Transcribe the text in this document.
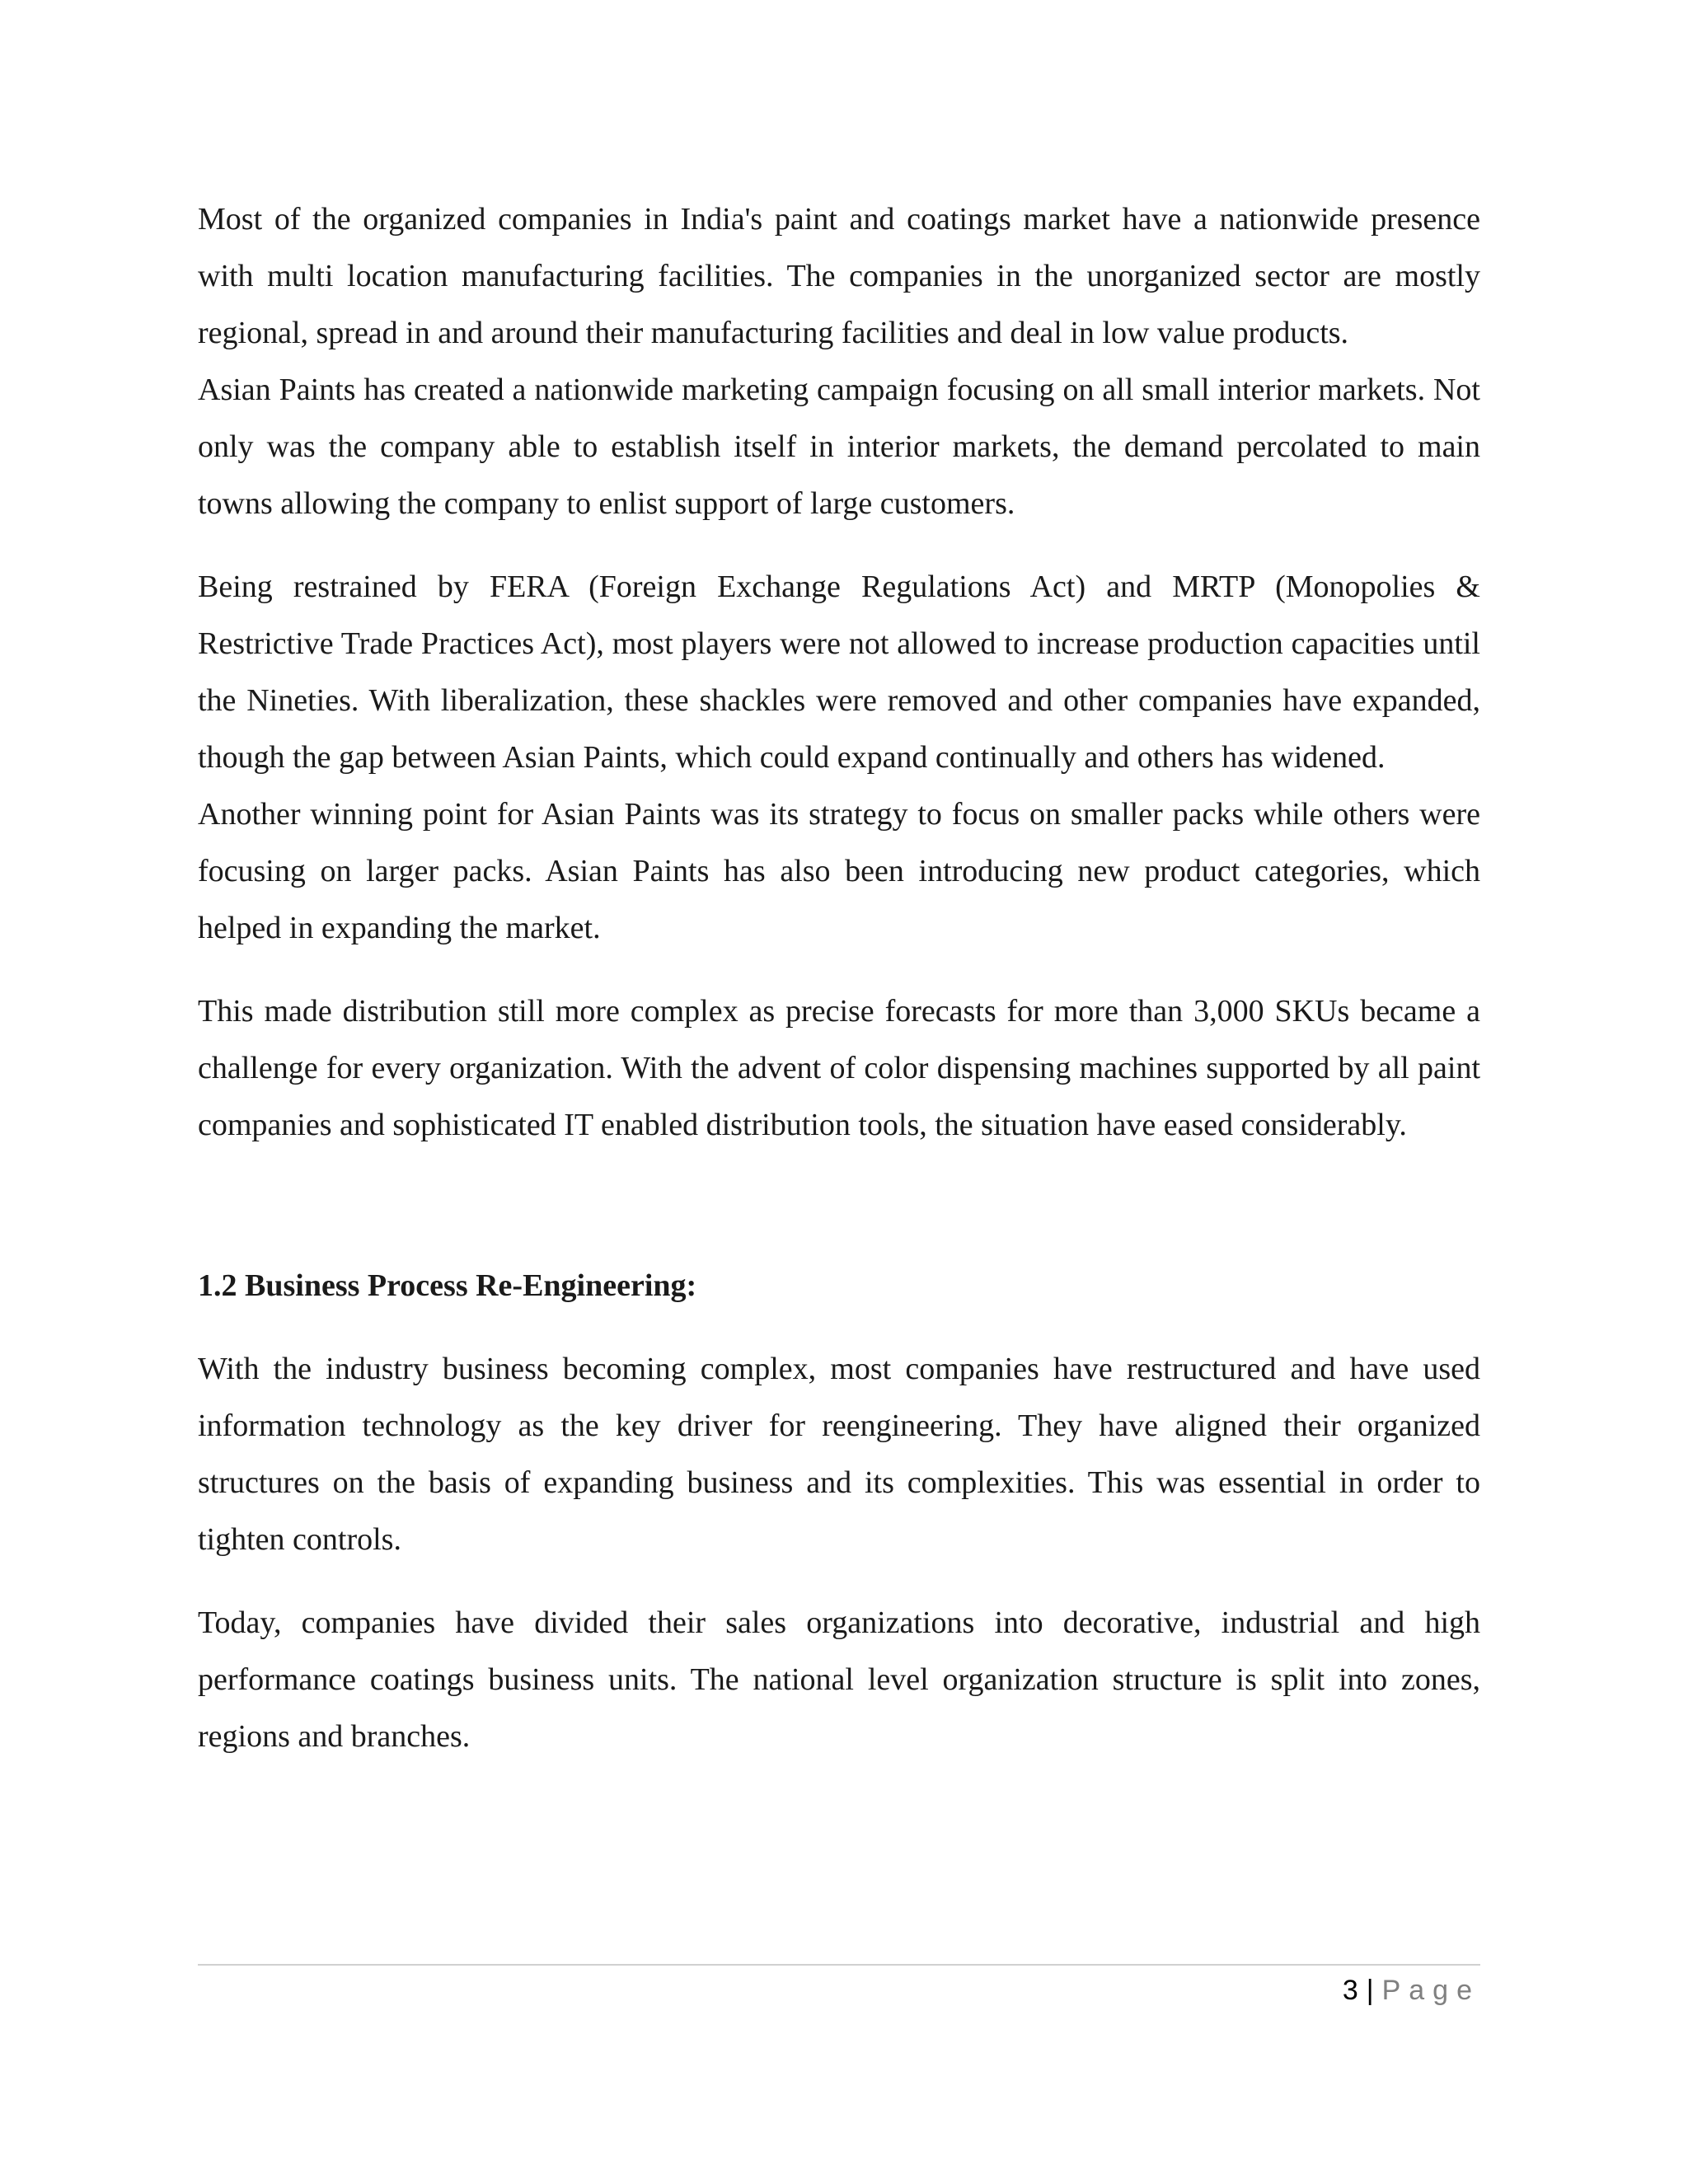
Most of the organized companies in India's paint and coatings market have a nationwide presence with multi location manufacturing facilities. The companies in the unorganized sector are mostly regional, spread in and around their manufacturing facilities and deal in low value products.

Asian Paints has created a nationwide marketing campaign focusing on all small interior markets. Not only was the company able to establish itself in interior markets, the demand percolated to main towns allowing the company to enlist support of large customers.

Being restrained by FERA (Foreign Exchange Regulations Act) and MRTP (Monopolies & Restrictive Trade Practices Act), most players were not allowed to increase production capacities until the Nineties. With liberalization, these shackles were removed and other companies have expanded, though the gap between Asian Paints, which could expand continually and others has widened.

Another winning point for Asian Paints was its strategy to focus on smaller packs while others were focusing on larger packs. Asian Paints has also been introducing new product categories, which helped in expanding the market.

This made distribution still more complex as precise forecasts for more than 3,000 SKUs became a challenge for every organization. With the advent of color dispensing machines supported by all paint companies and sophisticated IT enabled distribution tools, the situation have eased considerably.

1.2 Business Process Re-Engineering:

With the industry business becoming complex, most companies have restructured and have used information technology as the key driver for reengineering. They have aligned their organized structures on the basis of expanding business and its complexities. This was essential in order to tighten controls.

Today, companies have divided their sales organizations into decorative, industrial and high performance coatings business units. The national level organization structure is split into zones, regions and branches.

3 | Page
